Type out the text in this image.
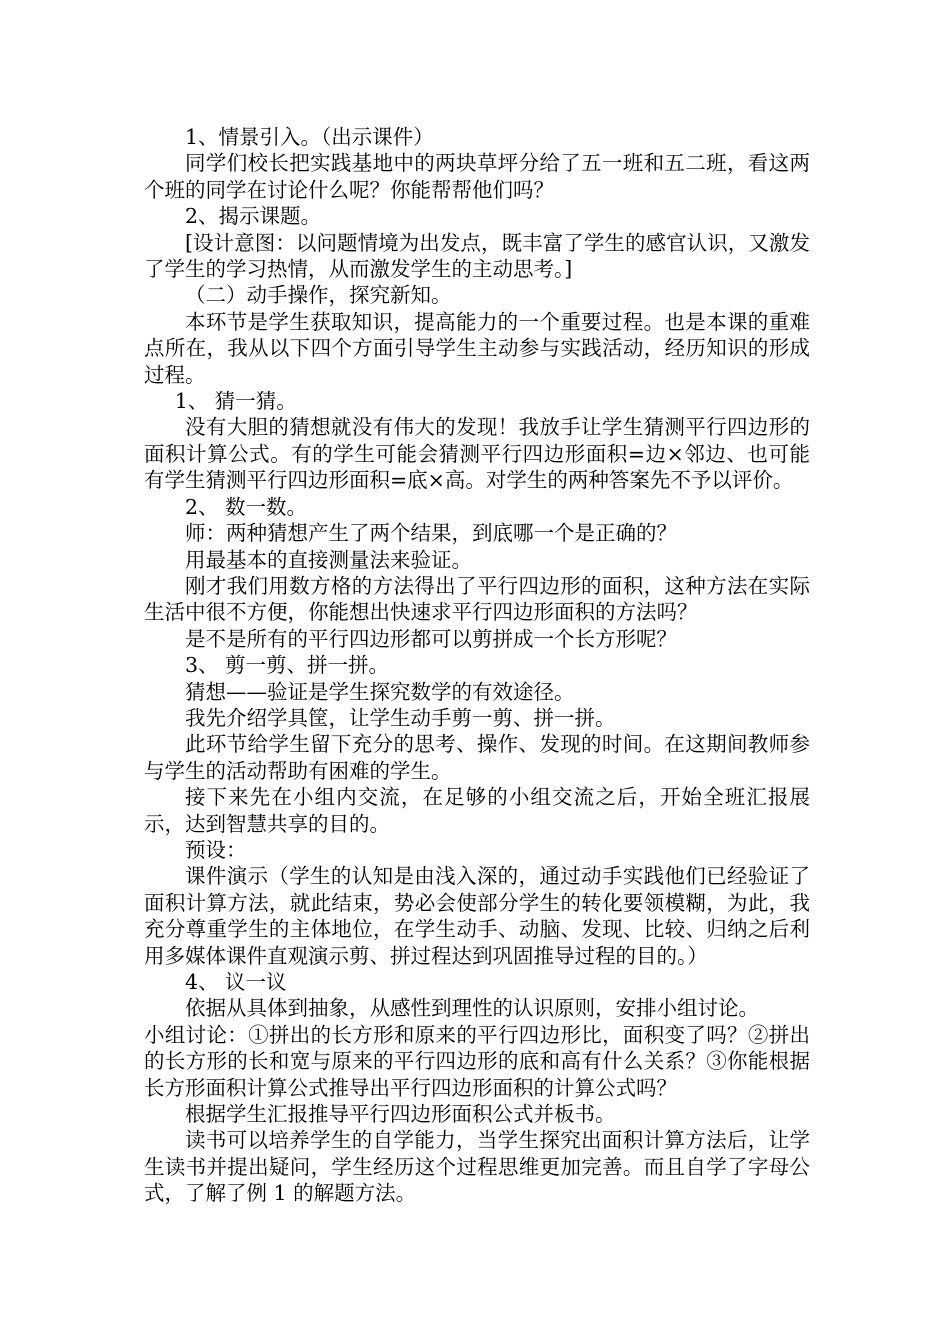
1、情景引入。（出示课件）

同学们校长把实践基地中的两块草坪分给了五一班和五二班，看这两个班的同学在讨论什么呢？你能帮帮他们吗？

2、揭示课题。

[设计意图：以问题情境为出发点，既丰富了学生的感官认识，又激发了学生的学习热情，从而激发学生的主动思考。]

（二）动手操作，探究新知。

本环节是学生获取知识，提高能力的一个重要过程。也是本课的重难点所在，我从以下四个方面引导学生主动参与实践活动，经历知识的形成过程。

1、 猜一猜。

没有大胆的猜想就没有伟大的发现！我放手让学生猜测平行四边形的面积计算公式。有的学生可能会猜测平行四边形面积=边×邻边、也可能有学生猜测平行四边形面积=底×高。对学生的两种答案先不予以评价。

2、 数一数。

师：两种猜想产生了两个结果，到底哪一个是正确的？

用最基本的直接测量法来验证。

刚才我们用数方格的方法得出了平行四边形的面积，这种方法在实际生活中很不方便，你能想出快速求平行四边形面积的方法吗？

是不是所有的平行四边形都可以剪拼成一个长方形呢？

3、 剪一剪、拼一拼。

猜想——验证是学生探究数学的有效途径。

我先介绍学具筐，让学生动手剪一剪、拼一拼。

此环节给学生留下充分的思考、操作、发现的时间。在这期间教师参与学生的活动帮助有困难的学生。

接下来先在小组内交流，在足够的小组交流之后，开始全班汇报展示，达到智慧共享的目的。

预设：

课件演示（学生的认知是由浅入深的，通过动手实践他们已经验证了面积计算方法，就此结束，势必会使部分学生的转化要领模糊，为此，我充分尊重学生的主体地位，在学生动手、动脑、发现、比较、归纳之后利用多媒体课件直观演示剪、拼过程达到巩固推导过程的目的。）

4、 议一议

依据从具体到抽象，从感性到理性的认识原则，安排小组讨论。

小组讨论：①拼出的长方形和原来的平行四边形比，面积变了吗？②拼出的长方形的长和宽与原来的平行四边形的底和高有什么关系？③你能根据长方形面积计算公式推导出平行四边形面积的计算公式吗？

根据学生汇报推导平行四边形面积公式并板书。

读书可以培养学生的自学能力，当学生探究出面积计算方法后，让学生读书并提出疑问，学生经历这个过程思维更加完善。而且自学了字母公式，了解了例 1 的解题方法。
